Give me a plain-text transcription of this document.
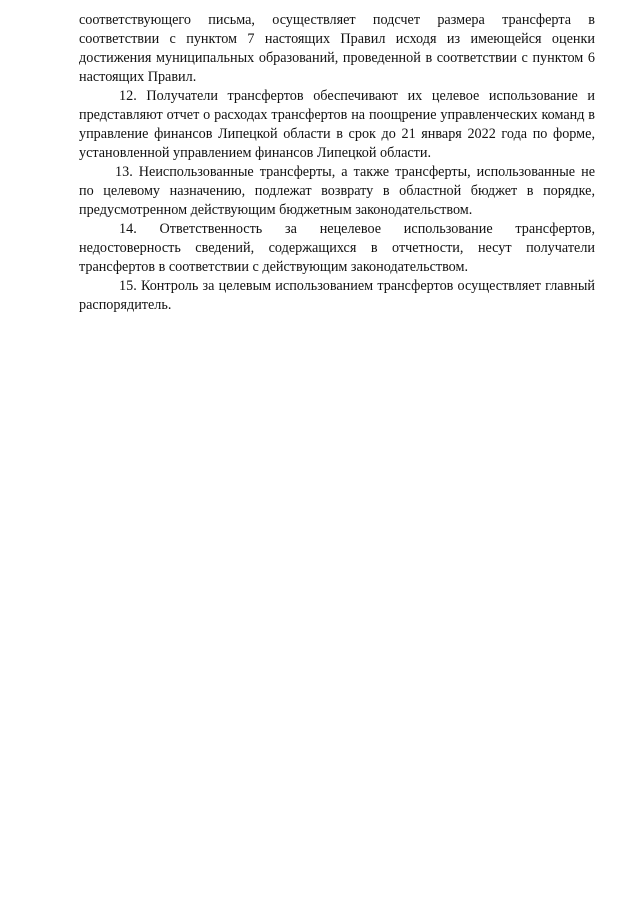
соответствующего письма, осуществляет подсчет размера трансферта в соответствии с пунктом 7 настоящих Правил исходя из имеющейся оценки достижения муниципальных образований, проведенной в соответствии с пунктом 6 настоящих Правил.

12. Получатели трансфертов обеспечивают их целевое использование и представляют отчет о расходах трансфертов на поощрение управленческих команд в управление финансов Липецкой области в срок до 21 января 2022 года по форме, установленной управлением финансов Липецкой области.

13. Неиспользованные трансферты, а также трансферты, использованные не по целевому назначению, подлежат возврату в областной бюджет в порядке, предусмотренном действующим бюджетным законодательством.

14. Ответственность за нецелевое использование трансфертов, недостоверность сведений, содержащихся в отчетности, несут получатели трансфертов в соответствии с действующим законодательством.

15. Контроль за целевым использованием трансфертов осуществляет главный распорядитель.
